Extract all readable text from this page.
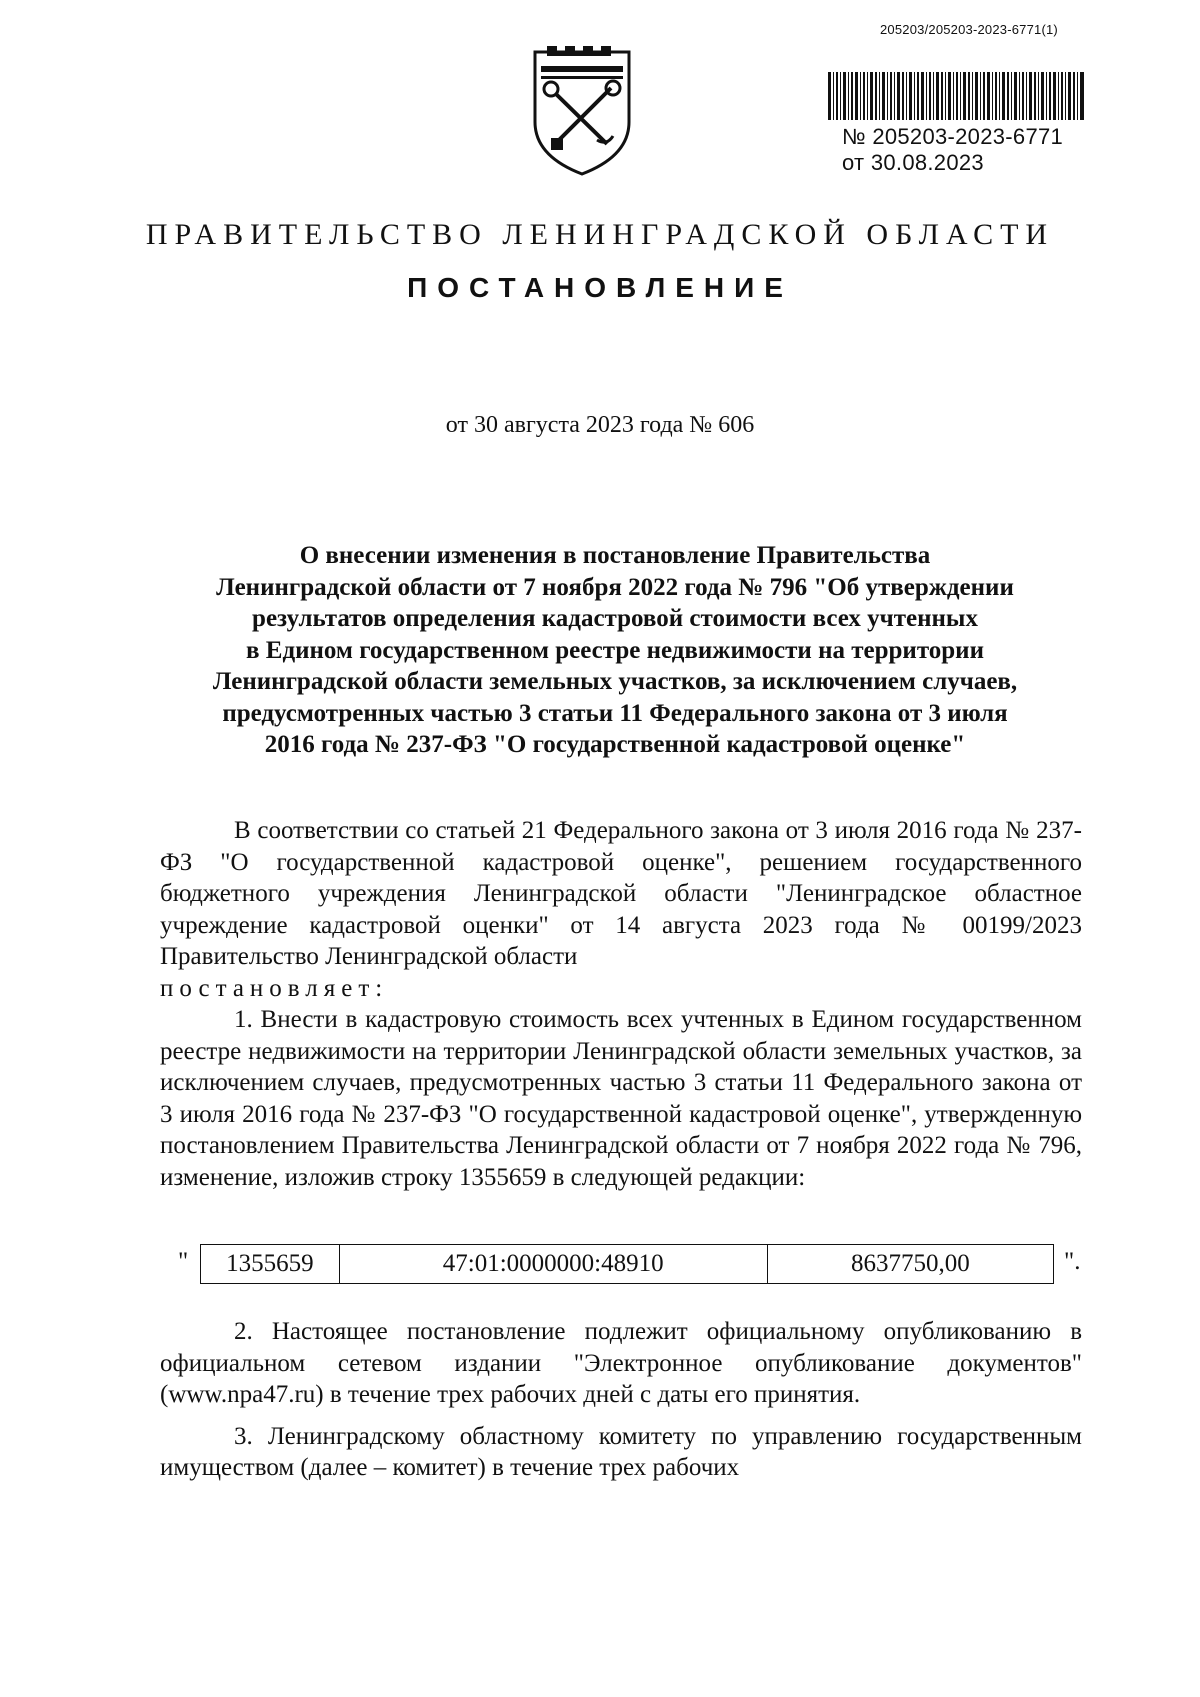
205203/205203-2023-6771(1)
№ 205203-2023-6771
от 30.08.2023
ПРАВИТЕЛЬСТВО ЛЕНИНГРАДСКОЙ ОБЛАСТИ
ПОСТАНОВЛЕНИЕ
от 30 августа 2023 года № 606
О внесении изменения в постановление Правительства
Ленинградской области от 7 ноября 2022 года № 796 "Об утверждении
результатов определения кадастровой стоимости всех учтенных
в Едином государственном реестре недвижимости на территории
Ленинградской области земельных участков, за исключением случаев,
предусмотренных частью 3 статьи 11 Федерального закона от 3 июля
2016 года № 237-ФЗ "О государственной кадастровой оценке"

В соответствии со статьей 21 Федерального закона от 3 июля 2016 года № 237-ФЗ "О государственной кадастровой оценке", решением государственного бюджетного учреждения Ленинградской области "Ленинградское областное учреждение кадастровой оценки" от 14 августа 2023 года № 00199/2023 Правительство Ленинградской области

постановляет:

1. Внести в кадастровую стоимость всех учтенных в Едином государственном реестре недвижимости на территории Ленинградской области земельных участков, за исключением случаев, предусмотренных частью 3 статьи 11 Федерального закона от 3 июля 2016 года № 237-ФЗ "О государственной кадастровой оценке", утвержденную постановлением Правительства Ленинградской области от 7 ноября 2022 года № 796, изменение, изложив строку 1355659 в следующей редакции:

"	1355659	47:01:0000000:48910	8637750,00	".

2. Настоящее постановление подлежит официальному опубликованию в официальном сетевом издании "Электронное опубликование документов" (www.npa47.ru) в течение трех рабочих дней с даты его принятия.

3. Ленинградскому областному комитету по управлению государственным имуществом (далее – комитет) в течение трех рабочих
